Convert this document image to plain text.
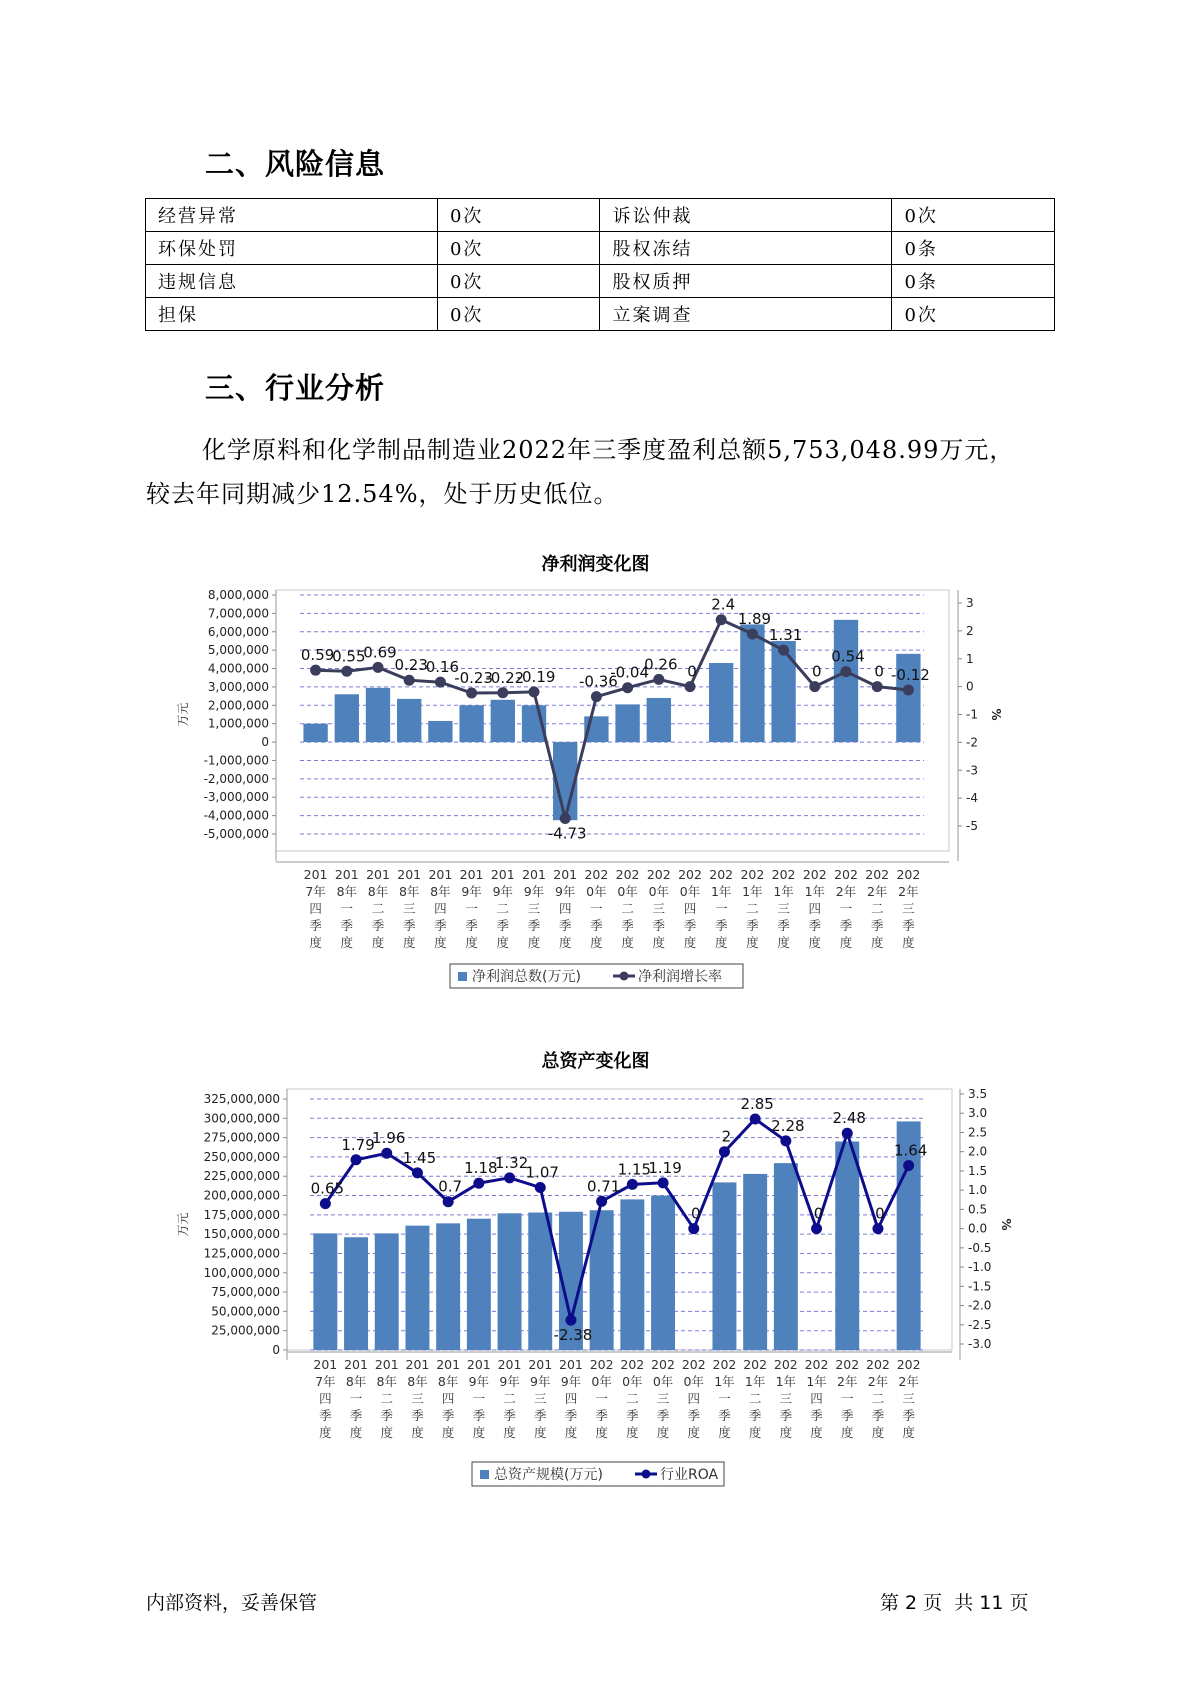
二、风险信息
经营异常	0次	诉讼仲裁	0次
环保处罚	0次	股权冻结	0条
违规信息	0次	股权质押	0条
担保	0次	立案调查	0次
三、行业分析
化学原料和化学制品制造业2022年三季度盈利总额5,753,048.99万元，
较去年同期减少12.54%，处于历史低位。
净利润变化图
8,000,000
7,000,000
6,000,000
5,000,000
4,000,000
3,000,000
2,000,000
1,000,000
0
-1,000,000
-2,000,000
-3,000,000
-4,000,000
-5,000,000
3
2
1
0
-1
-2
-3
-4
-5
万元	%
201
7年
四
季
度
201
8年
一
季
度
201
8年
二
季
度
201
8年
三
季
度
201
8年
四
季
度
201
9年
一
季
度
201
9年
二
季
度
201
9年
三
季
度
201
9年
四
季
度
202
0年
一
季
度
202
0年
二
季
度
202
0年
三
季
度
202
0年
四
季
度
202
1年
一
季
度
202
1年
二
季
度
202
1年
三
季
度
202
1年
四
季
度
202
2年
一
季
度
202
2年
二
季
度
202
2年
三
季
度
0.59
0.55
0.69
0.23
0.16
-0.23
-0.22
-0.19
-4.73
-0.36
-0.04
0.26 0
2.4
1.89
1.31
0
0.54
0 -0.12
净利润总数(万元)	净利润增长率
总资产变化图
325,000,000
300,000,000
275,000,000
250,000,000
225,000,000
200,000,000
175,000,000
150,000,000
125,000,000
100,000,000
75,000,000
50,000,000
25,000,000
0
3.5
3.0
2.5
2.0
1.5
1.0
0.5
0.0
-0.5
-1.0
-1.5
-2.0
-2.5
-3.0
万元	%
201
7年
四
季
度
201
8年
一
季
度
201
8年
二
季
度
201
8年
三
季
度
201
8年
四
季
度
201
9年
一
季
度
201
9年
二
季
度
201
9年
三
季
度
201
9年
四
季
度
202
0年
一
季
度
202
0年
二
季
度
202
0年
三
季
度
202
0年
四
季
度
202
1年
一
季
度
202
1年
二
季
度
202
1年
三
季
度
202
1年
四
季
度
202
2年
一
季
度
202
2年
二
季
度
202
2年
三
季
度
0.65
1.79
1.96
1.45
0.7
1.18
1.32
1.07
-2.38
0.71
1.15
1.19
0
2
2.85
2.28
0
2.48
0
1.64
总资产规模(万元)	行业ROA
内部资料，妥善保管	第 2 页  共 11 页
